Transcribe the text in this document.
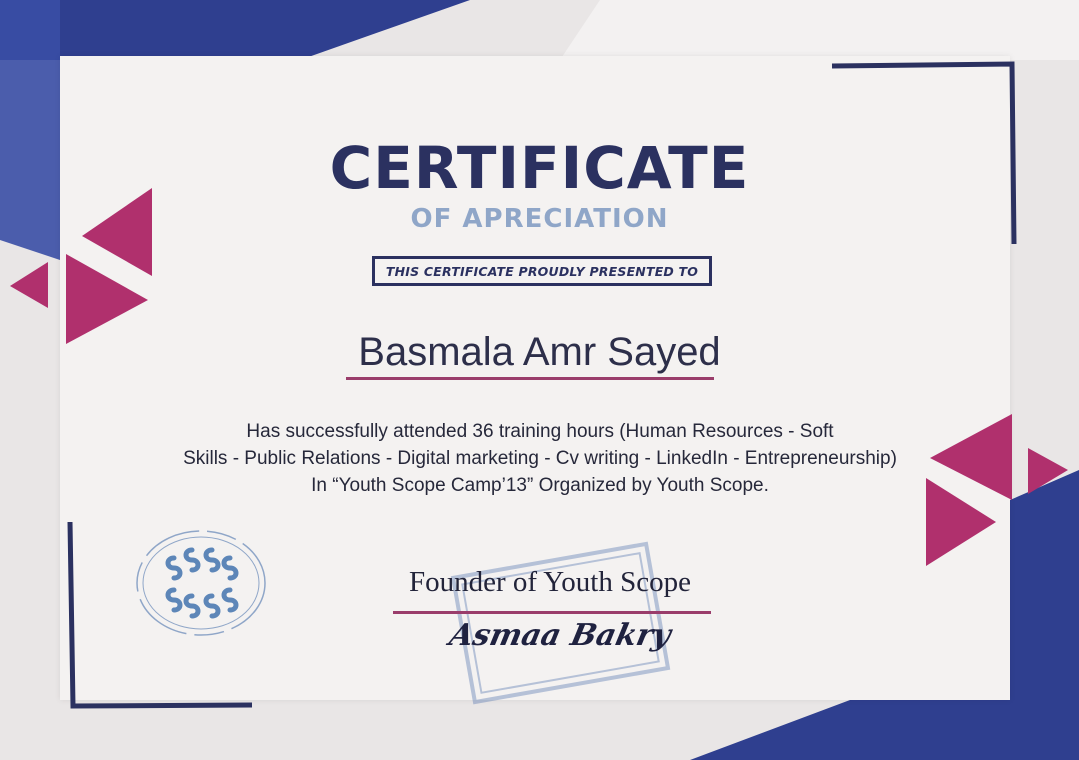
CERTIFICATE
OF APRECIATION
THIS CERTIFICATE PROUDLY PRESENTED TO
Basmala Amr Sayed
Has successfully attended 36 training hours (Human Resources - Soft
Skills - Public Relations - Digital marketing - Cv writing - LinkedIn - Entrepreneurship)
In “Youth Scope Camp’13” Organized by Youth Scope.
Founder of Youth Scope
Asmaa Bakry
